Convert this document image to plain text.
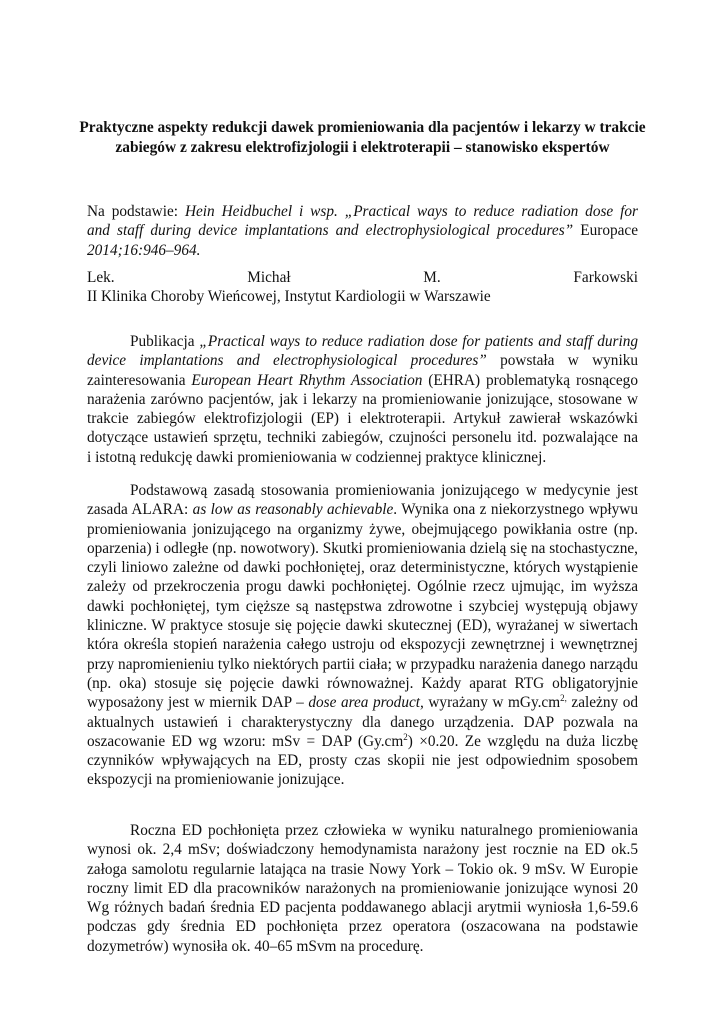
Praktyczne aspekty redukcji dawek promieniowania dla pacjentów i lekarzy w trakcie
zabiegów z zakresu elektrofizjologii i elektroterapii – stanowisko ekspertów
Na podstawie: Hein Heidbuchel i wsp. „Practical ways to reduce radiation dose for
and staff during device implantations and electrophysiological procedures” Europace
2014;16:946–964.
Lek. Michał M. Farkowski
II Klinika Choroby Wieńcowej, Instytut Kardiologii w Warszawie
Publikacja „Practical ways to reduce radiation dose for patients and staff during
device implantations and electrophysiological procedures” powstała w wyniku
zainteresowania European Heart Rhythm Association (EHRA) problematyką rosnącego
narażenia zarówno pacjentów, jak i lekarzy na promieniowanie jonizujące, stosowane w
trakcie zabiegów elektrofizjologii (EP) i elektroterapii. Artykuł zawierał wskazówki
dotyczące ustawień sprzętu, techniki zabiegów, czujności personelu itd. pozwalające na
i istotną redukcję dawki promieniowania w codziennej praktyce klinicznej.
Podstawową zasadą stosowania promieniowania jonizującego w medycynie jest
zasada ALARA: as low as reasonably achievable. Wynika ona z niekorzystnego wpływu
promieniowania jonizującego na organizmy żywe, obejmującego powikłania ostre (np.
oparzenia) i odległe (np. nowotwory). Skutki promieniowania dzielą się na stochastyczne,
czyli liniowo zależne od dawki pochłoniętej, oraz deterministyczne, których wystąpienie
zależy od przekroczenia progu dawki pochłoniętej. Ogólnie rzecz ujmując, im wyższa
dawki pochłoniętej, tym cięższe są następstwa zdrowotne i szybciej występują objawy
kliniczne. W praktyce stosuje się pojęcie dawki skutecznej (ED), wyrażanej w siwertach
która określa stopień narażenia całego ustroju od ekspozycji zewnętrznej i wewnętrznej
przy napromienieniu tylko niektórych partii ciała; w przypadku narażenia danego narządu
(np. oka) stosuje się pojęcie dawki równoważnej. Każdy aparat RTG obligatoryjnie
wyposażony jest w miernik DAP – dose area product, wyrażany w $mGy.cm^{2,}$ zależny od
aktualnych ustawień i charakterystyczny dla danego urządzenia. DAP pozwala na
oszacowanie ED wg wzoru: mSv = DAP $(Gy.cm^2) \times 0.20$. Ze względu na duża liczbę
czynników wpływających na ED, prosty czas skopii nie jest odpowiednim sposobem
ekspozycji na promieniowanie jonizujące.
Roczna ED pochłonięta przez człowieka w wyniku naturalnego promieniowania
wynosi ok. 2,4 mSv; doświadczony hemodynamista narażony jest rocznie na ED ok.5
załoga samolotu regularnie latająca na trasie Nowy York – Tokio ok. 9 mSv. W Europie
roczny limit ED dla pracowników narażonych na promieniowanie jonizujące wynosi 20
Wg różnych badań średnia ED pacjenta poddawanego ablacji arytmii wyniosła 1,6-59.6
podczas gdy średnia ED pochłonięta przez operatora (oszacowana na podstawie
dozymetrów) wynosiła ok. 40–65 mSvm na procedurę.
